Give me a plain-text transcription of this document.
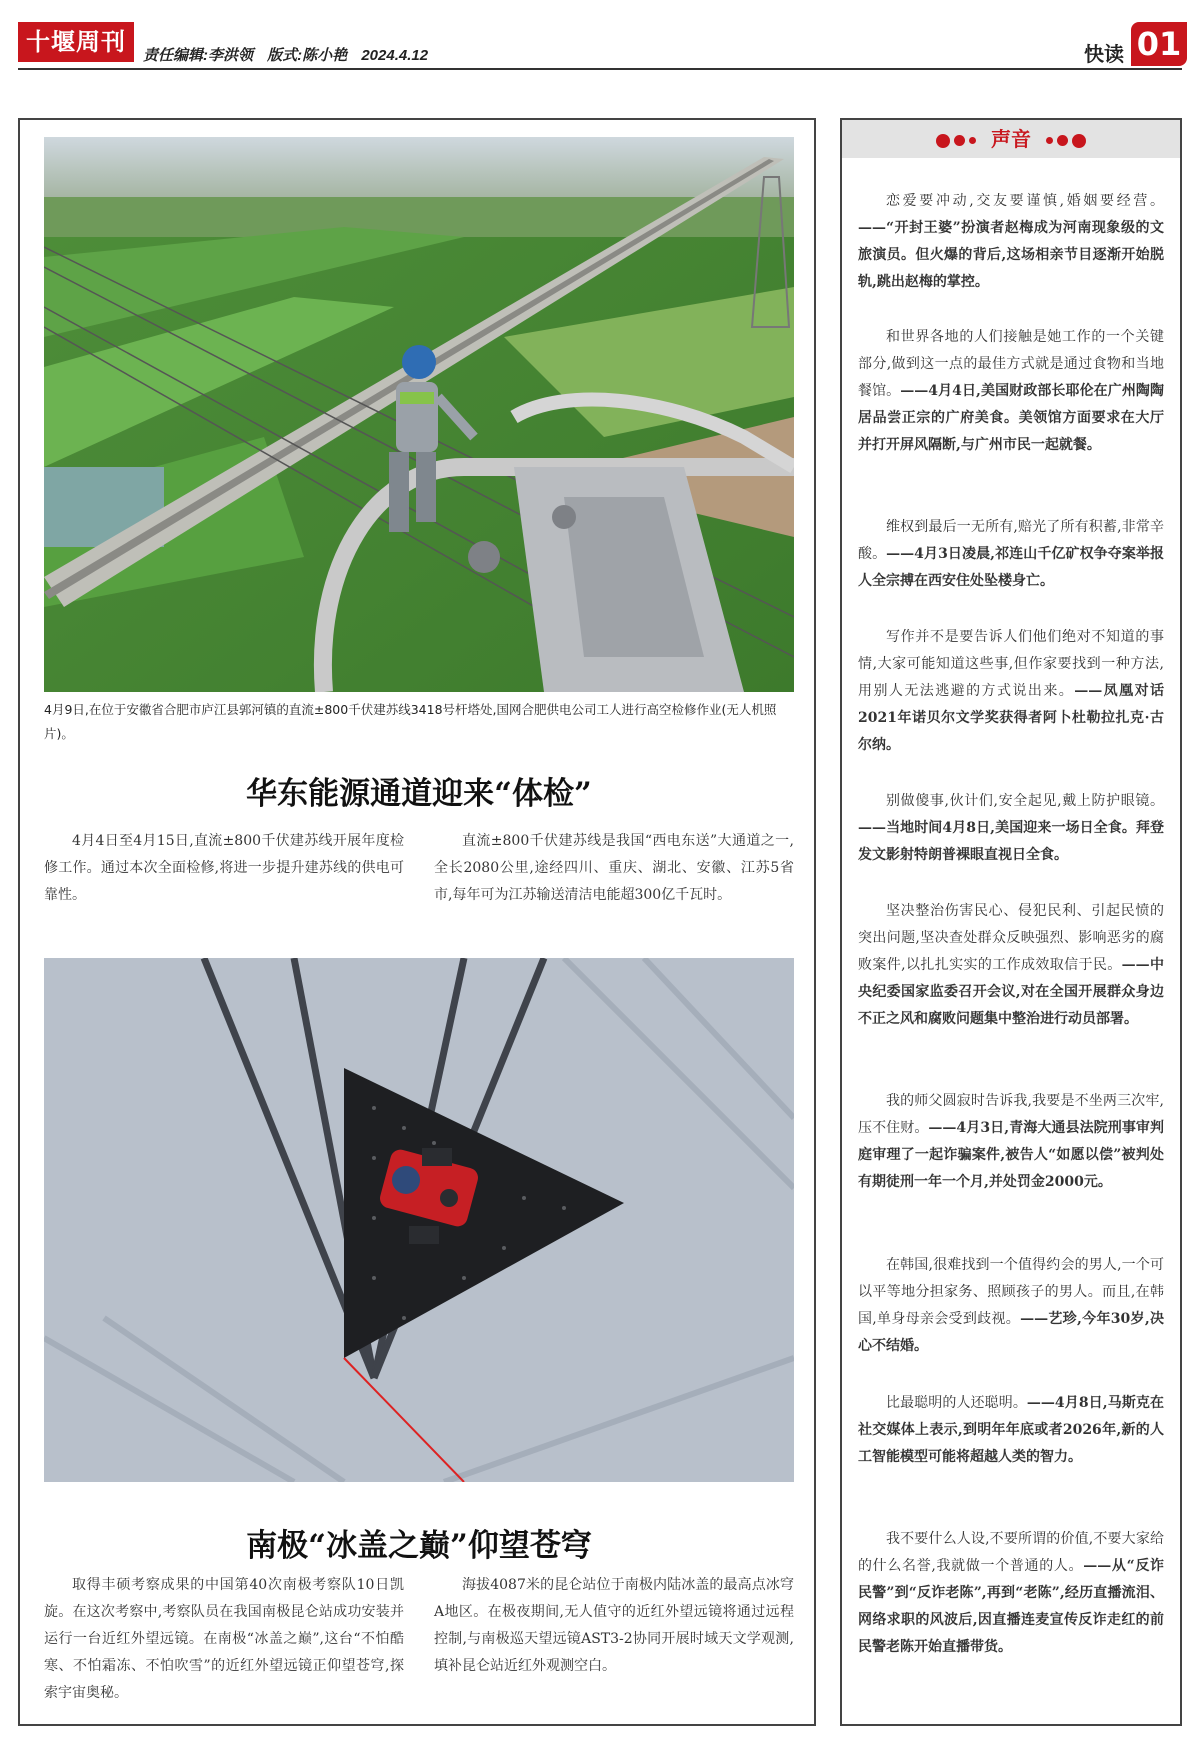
十堰周刊	责任编辑:李洪领 版式:陈小艳 2024.4.12	快读 01
4月9日,在位于安徽省合肥市庐江县郭河镇的直流±800千伏建苏线3418号杆塔处,国网合肥供电公司工人进行高空检修作业(无人机照片)。
华东能源通道迎来“体检”
4月4日至4月15日,直流±800千伏建苏线开展年度检修工作。通过本次全面检修,将进一步提升建苏线的供电可靠性。
直流±800千伏建苏线是我国“西电东送”大通道之一,全长2080公里,途经四川、重庆、湖北、安徽、江苏5省市,每年可为江苏输送清洁电能超300亿千瓦时。
南极“冰盖之巅”仰望苍穹
取得丰硕考察成果的中国第40次南极考察队10日凯旋。在这次考察中,考察队员在我国南极昆仑站成功安装并运行一台近红外望远镜。在南极“冰盖之巅”,这台“不怕酷寒、不怕霜冻、不怕吹雪”的近红外望远镜正仰望苍穹,探索宇宙奥秘。
海拔4087米的昆仑站位于南极内陆冰盖的最高点冰穹A地区。在极夜期间,无人值守的近红外望远镜将通过远程控制,与南极巡天望远镜AST3-2协同开展时域天文学观测,填补昆仑站近红外观测空白。
声音
恋爱要冲动,交友要谨慎,婚姻要经营。——“开封王婆”扮演者赵梅成为河南现象级的文旅演员。但火爆的背后,这场相亲节目逐渐开始脱轨,跳出赵梅的掌控。
和世界各地的人们接触是她工作的一个关键部分,做到这一点的最佳方式就是通过食物和当地餐馆。——4月4日,美国财政部长耶伦在广州陶陶居品尝正宗的广府美食。美领馆方面要求在大厅并打开屏风隔断,与广州市民一起就餐。
维权到最后一无所有,赔光了所有积蓄,非常辛酸。——4月3日凌晨,祁连山千亿矿权争夺案举报人全宗搏在西安住处坠楼身亡。
写作并不是要告诉人们他们绝对不知道的事情,大家可能知道这些事,但作家要找到一种方法,用别人无法逃避的方式说出来。——凤凰对话2021年诺贝尔文学奖获得者阿卜杜勒拉扎克·古尔纳。
别做傻事,伙计们,安全起见,戴上防护眼镜。——当地时间4月8日,美国迎来一场日全食。拜登发文影射特朗普裸眼直视日全食。
坚决整治伤害民心、侵犯民利、引起民愤的突出问题,坚决查处群众反映强烈、影响恶劣的腐败案件,以扎扎实实的工作成效取信于民。——中央纪委国家监委召开会议,对在全国开展群众身边不正之风和腐败问题集中整治进行动员部署。
我的师父圆寂时告诉我,我要是不坐两三次牢,压不住财。——4月3日,青海大通县法院刑事审判庭审理了一起诈骗案件,被告人“如愿以偿”被判处有期徒刑一年一个月,并处罚金2000元。
在韩国,很难找到一个值得约会的男人,一个可以平等地分担家务、照顾孩子的男人。而且,在韩国,单身母亲会受到歧视。——艺珍,今年30岁,决心不结婚。
比最聪明的人还聪明。——4月8日,马斯克在社交媒体上表示,到明年年底或者2026年,新的人工智能模型可能将超越人类的智力。
我不要什么人设,不要所谓的价值,不要大家给的什么名誉,我就做一个普通的人。——从“反诈民警”到“反诈老陈”,再到“老陈”,经历直播流泪、网络求职的风波后,因直播连麦宣传反诈走红的前民警老陈开始直播带货。
